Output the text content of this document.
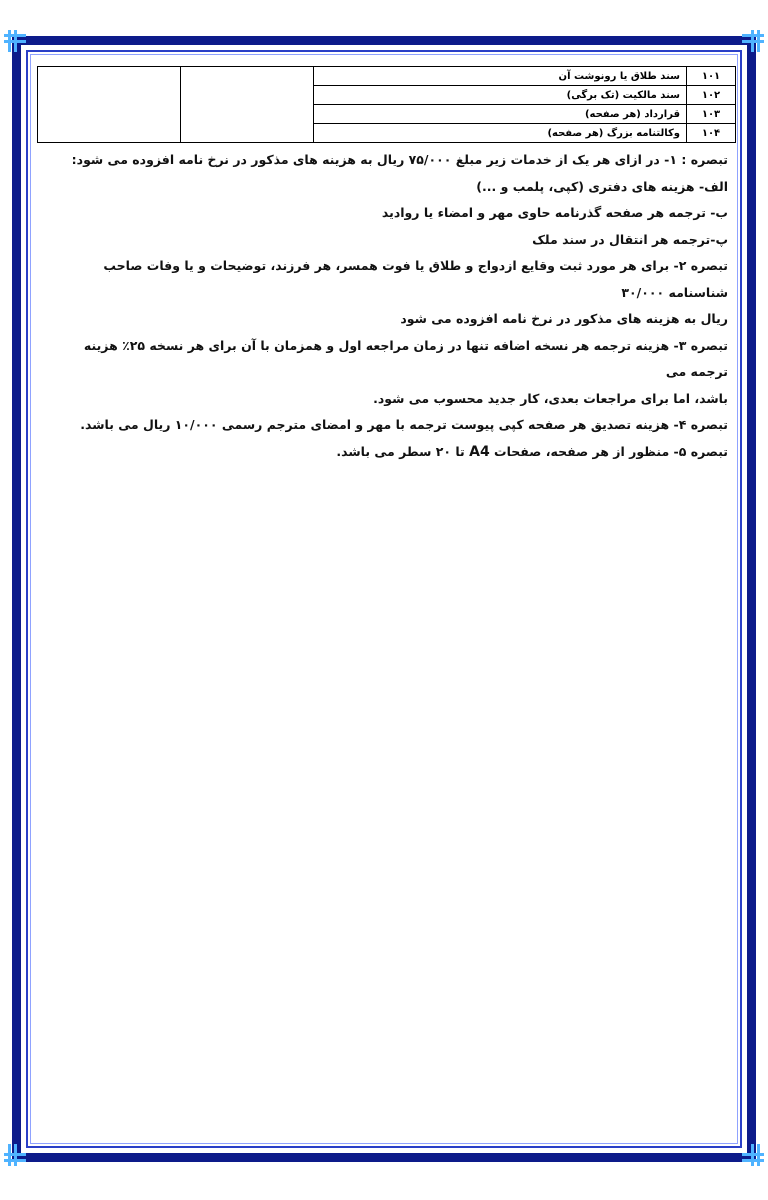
۱۰۱	سند طلاق یا رونوشت آن		
۱۰۲	سند مالکیت (تک برگی)		
۱۰۳	قرارداد (هر صفحه)		
۱۰۴	وکالتنامه بزرگ (هر صفحه)		

تبصره : ۱- در ازای هر یک از خدمات زیر مبلغ ۷۵/۰۰۰ ریال به هزینه های مذکور در نرخ نامه افزوده می شود:

الف- هزینه های دفتری (کپی، پلمب و ...)

ب- ترجمه هر صفحه گذرنامه حاوی مهر و امضاء یا روادید

پ-ترجمه هر انتقال در سند ملک

تبصره ۲- برای هر مورد ثبت وقایع ازدواج و طلاق یا فوت همسر، هر فرزند، توضیحات و یا وفات صاحب شناسنامه ۳۰/۰۰۰

ریال به هزینه های مذکور در نرخ نامه افزوده می شود

تبصره ۳- هزینه ترجمه هر نسخه اضافه تنها در زمان مراجعه اول و همزمان با آن برای هر نسخه ۲۵٪ هزینه ترجمه می

باشد، اما برای مراجعات بعدی، کار جدید محسوب می شود.

تبصره ۴- هزینه تصدیق هر صفحه کپی پیوست ترجمه با مهر و امضای مترجم رسمی ۱۰/۰۰۰ ریال می باشد.

تبصره ۵- منظور از هر صفحه، صفحات A4 تا ۲۰ سطر می باشد.
